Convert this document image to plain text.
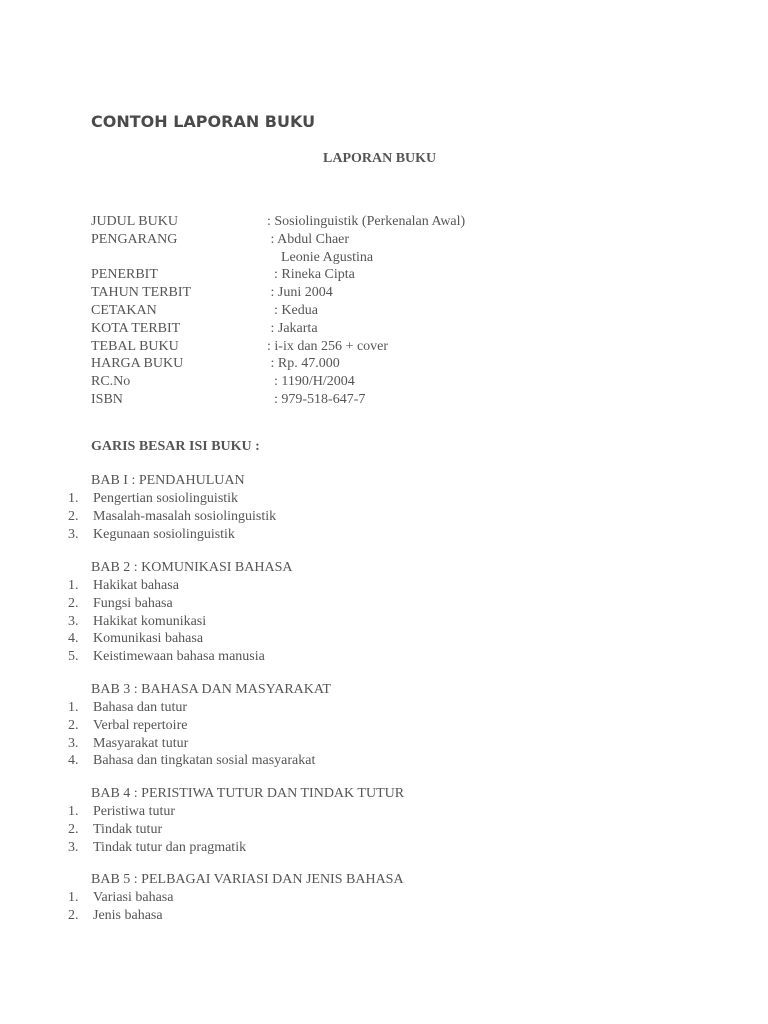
CONTOH LAPORAN BUKU
LAPORAN BUKU
JUDUL BUKU	: Sosiolinguistik (Perkenalan Awal)
PENGARANG	: Abdul Chaer
Leonie Agustina
PENERBIT	: Rineka Cipta
TAHUN TERBIT	: Juni 2004
CETAKAN	: Kedua
KOTA TERBIT	: Jakarta
TEBAL BUKU	: i-ix dan 256 + cover
HARGA BUKU	: Rp. 47.000
RC.No	: 1190/H/2004
ISBN	: 979-518-647-7
GARIS BESAR ISI BUKU :
BAB I : PENDAHULUAN
1. Pengertian sosiolinguistik
2. Masalah-masalah sosiolinguistik
3. Kegunaan sosiolinguistik
BAB 2 : KOMUNIKASI BAHASA
1. Hakikat bahasa
2. Fungsi bahasa
3. Hakikat komunikasi
4. Komunikasi bahasa
5. Keistimewaan bahasa manusia
BAB 3 : BAHASA DAN MASYARAKAT
1. Bahasa dan tutur
2. Verbal repertoire
3. Masyarakat tutur
4. Bahasa dan tingkatan sosial masyarakat
BAB 4 : PERISTIWA TUTUR DAN TINDAK TUTUR
1. Peristiwa tutur
2. Tindak tutur
3. Tindak tutur dan pragmatik
BAB 5 : PELBAGAI VARIASI DAN JENIS BAHASA
1. Variasi bahasa
2. Jenis bahasa
